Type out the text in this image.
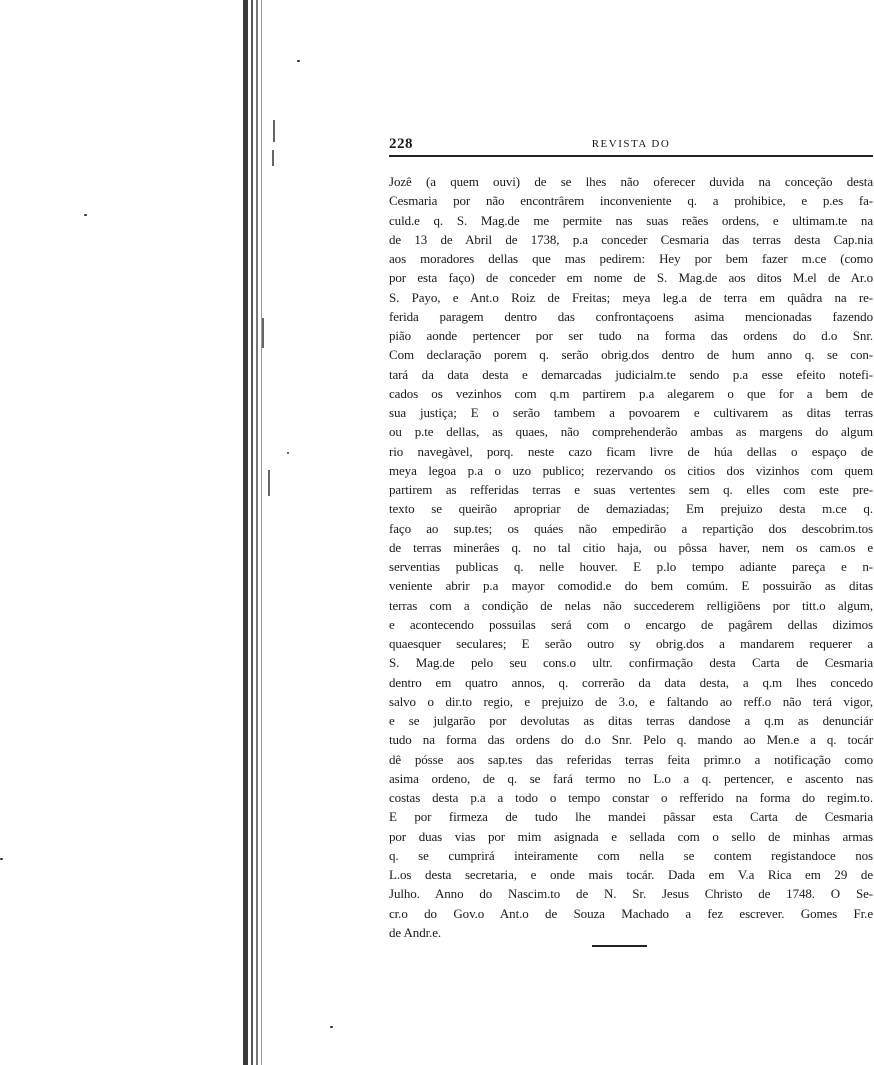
228	REVISTA DO
Jozê (a quem ouvi) de se lhes não oferecer duvida na conceção desta
Cesmaria por não encontrârem inconveniente q. a prohibice, e p.es fa-
culd.e q. S. Mag.de me permite nas suas reães ordens, e ultimam.te na
de 13 de Abril de 1738, p.a conceder Cesmaria das terras desta Cap.nia
aos moradores dellas que mas pedirem: Hey por bem fazer m.ce (como
por esta faço) de conceder em nome de S. Mag.de aos ditos M.el de Ar.o
S. Payo, e Ant.o Roiz de Freitas; meya leg.a de terra em quâdra na re-
ferida paragem dentro das confrontaçoens asima mencionadas fazendo
pião aonde pertencer por ser tudo na forma das ordens do d.o Snr.
Com declaração porem q. serão obrig.dos dentro de hum anno q. se con-
tará da data desta e demarcadas judicialm.te sendo p.a esse efeito notefi-
cados os vezinhos com q.m partirem p.a alegarem o que for a bem de
sua justiça; E o serão tambem a povoarem e cultivarem as ditas terras
ou p.te dellas, as quaes, não comprehenderão ambas as margens do algum
rio navegàvel, porq. neste cazo ficam livre de húa dellas o espaço de
meya legoa p.a o uzo publico; rezervando os citios dos vizinhos com quem
partirem as refferidas terras e suas vertentes sem q. elles com este pre-
texto se queirão apropriar de demaziadas; Em prejuizo desta m.ce q.
faço ao sup.tes; os quáes não empedirão a repartição dos descobrim.tos
de terras minerâes q. no tal citio haja, ou pôssa haver, nem os cam.os e
serventias publicas q. nelle houver. E p.lo tempo adiante pareça e n-
veniente abrir p.a mayor comodid.e do bem comúm. E possuirão as ditas
terras com a condição de nelas não succederem relligiõens por titt.o algum,
e acontecendo possuilas será com o encargo de pagârem dellas dizimos
quaesquer seculares; E serão outro sy obrig.dos a mandarem requerer a
S. Mag.de pelo seu cons.o ultr. confirmação desta Carta de Cesmaria
dentro em quatro annos, q. correrão da data desta, a q.m lhes concedo
salvo o dir.to regio, e prejuizo de 3.o, e faltando ao reff.o não terá vigor,
e se julgarão por devolutas as ditas terras dandose a q.m as denunciár
tudo na forma das ordens do d.o Snr. Pelo q. mando ao Men.e a q. tocár
dê pósse aos sap.tes das referidas terras feita primr.o a notificação como
asima ordeno, de q. se fará termo no L.o a q. pertencer, e ascento nas
costas desta p.a a todo o tempo constar o refferido na forma do regim.to.
E por firmeza de tudo lhe mandei pâssar esta Carta de Cesmaria
por duas vias por mim asignada e sellada com o sello de minhas armas
q. se cumprirá inteiramente com nella se contem registandoce nos
L.os desta secretaria, e onde mais tocár. Dada em V.a Rica em 29 de
Julho. Anno do Nascim.to de N. Sr. Jesus Christo de 1748. O Se-
cr.o do Gov.o Ant.o de Souza Machado a fez escrever. Gomes Fr.e
de Andr.e.
